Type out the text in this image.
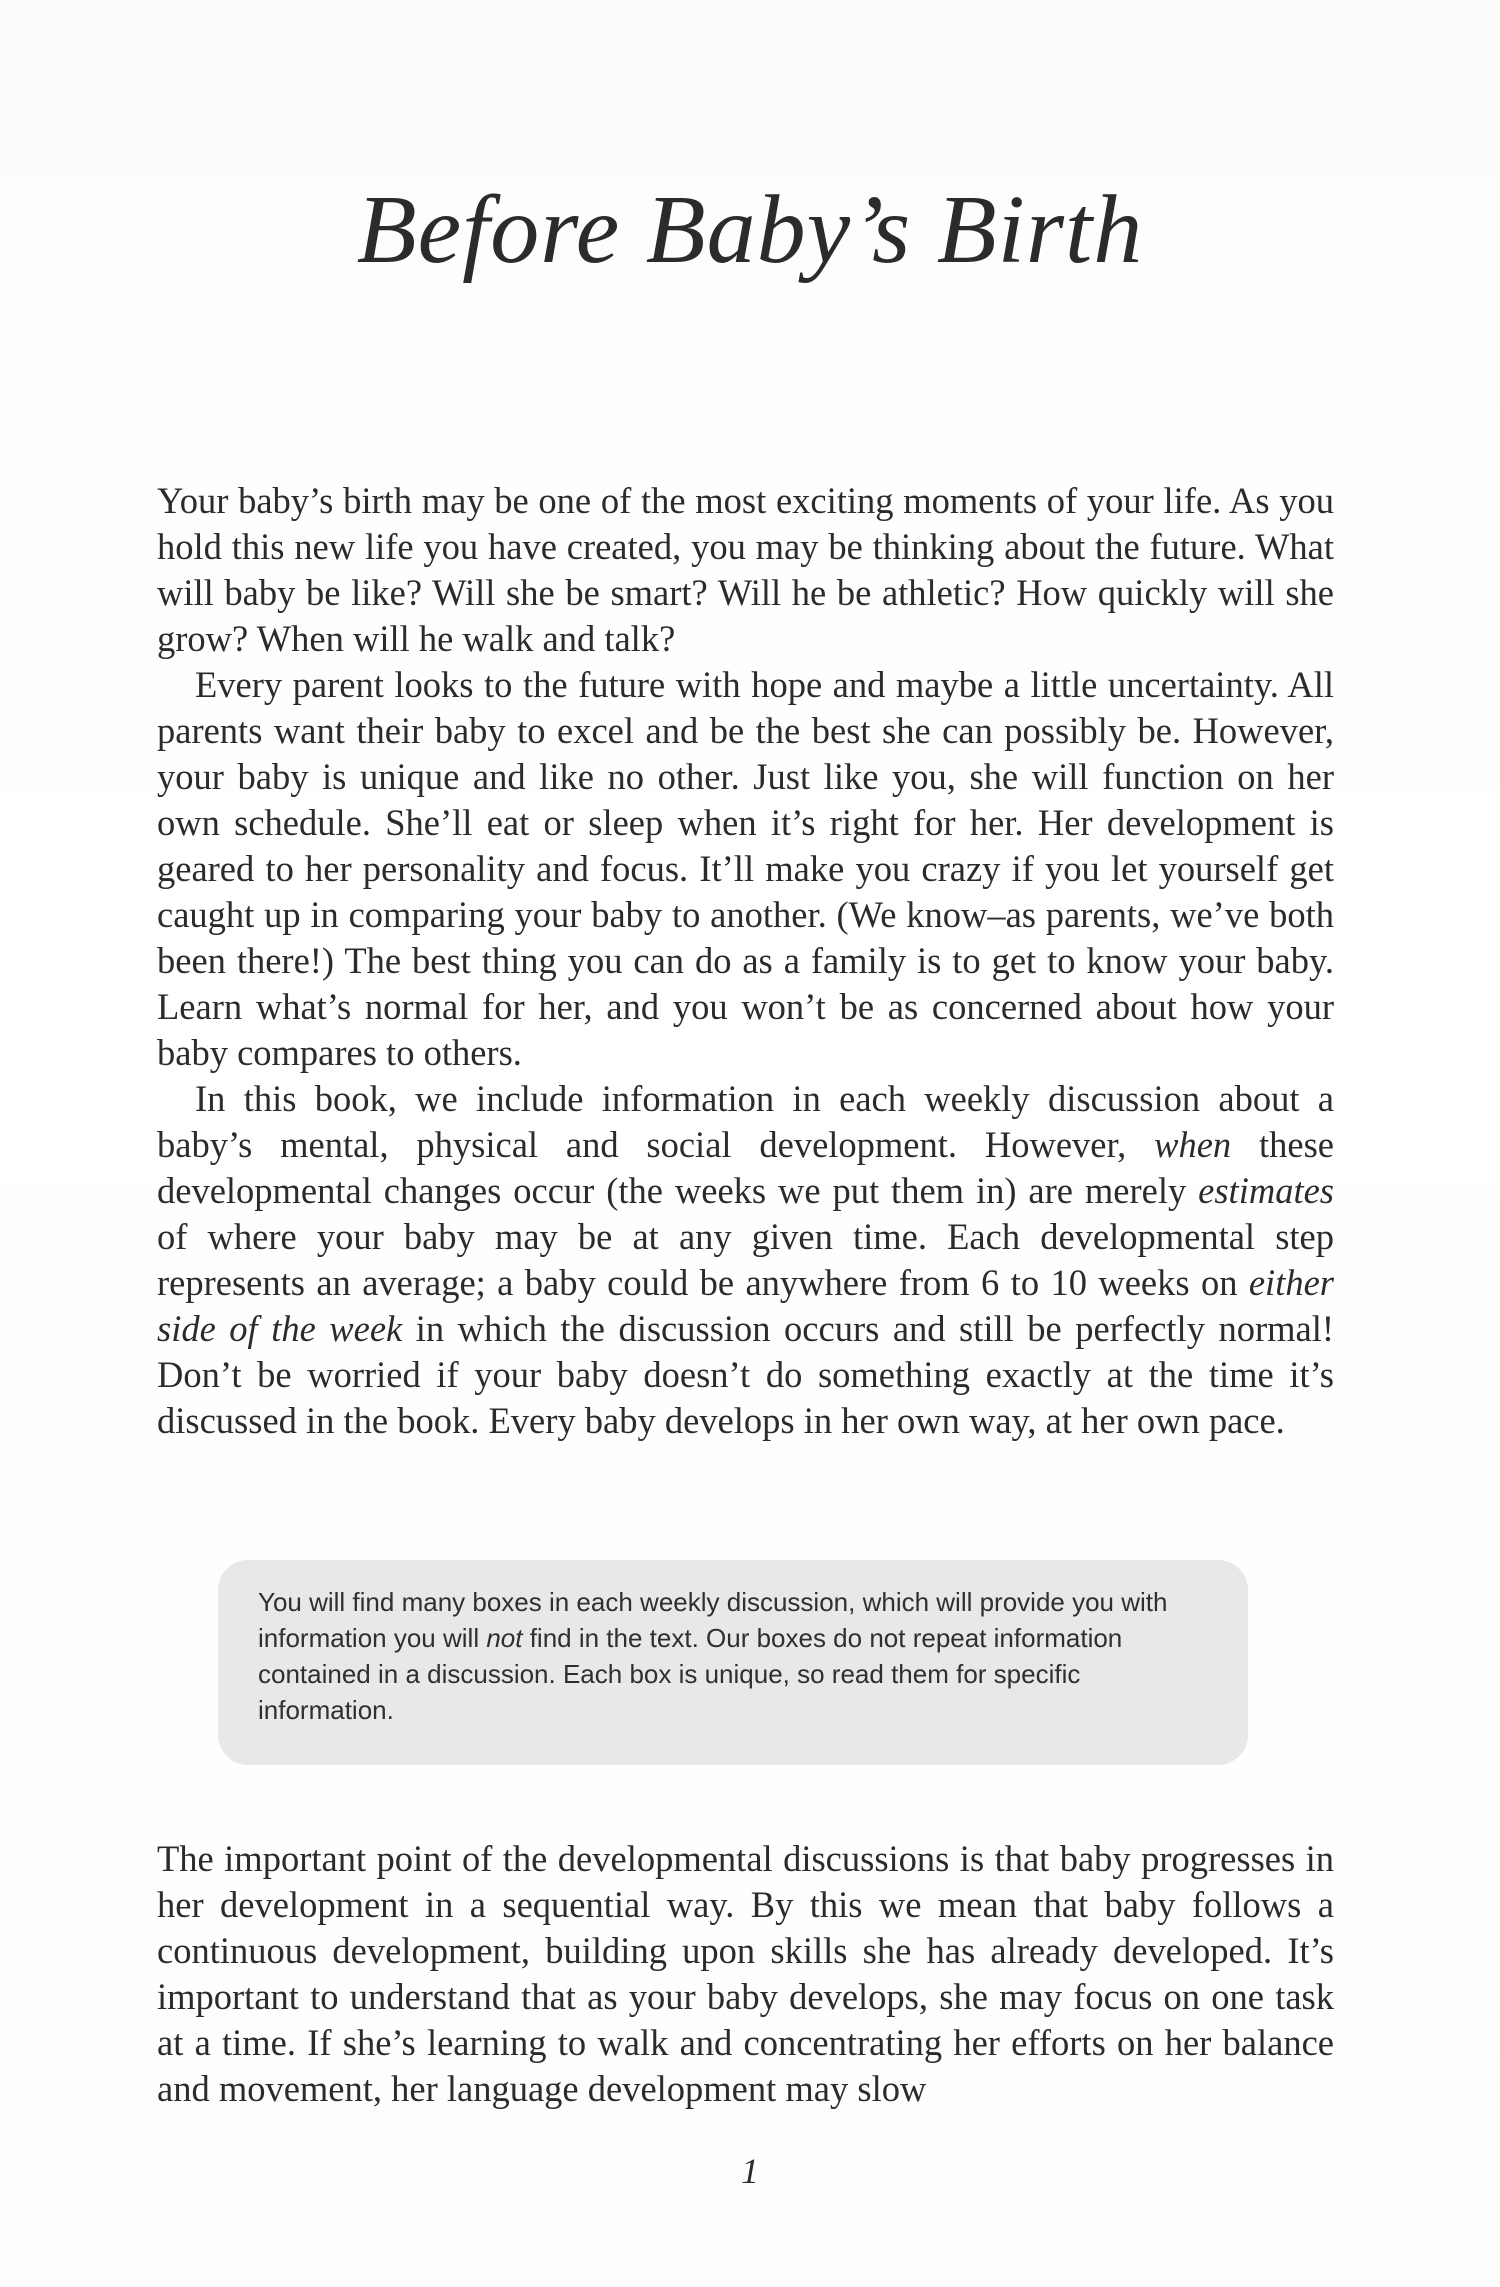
Before Baby’s Birth

Your baby’s birth may be one of the most exciting moments of your life. As you hold this new life you have created, you may be thinking about the future. What will baby be like? Will she be smart? Will he be athletic? How quickly will she grow? When will he walk and talk?

Every parent looks to the future with hope and maybe a little uncertainty. All parents want their baby to excel and be the best she can possibly be. However, your baby is unique and like no other. Just like you, she will function on her own schedule. She’ll eat or sleep when it’s right for her. Her development is geared to her personality and focus. It’ll make you crazy if you let yourself get caught up in comparing your baby to another. (We know–as parents, we’ve both been there!) The best thing you can do as a family is to get to know your baby. Learn what’s normal for her, and you won’t be as concerned about how your baby compares to others.

In this book, we include information in each weekly discussion about a baby’s mental, physical and social development. However, when these developmental changes occur (the weeks we put them in) are merely estimates of where your baby may be at any given time. Each developmental step represents an average; a baby could be anywhere from 6 to 10 weeks on either side of the week in which the discussion occurs and still be perfectly normal! Don’t be worried if your baby doesn’t do something exactly at the time it’s discussed in the book. Every baby develops in her own way, at her own pace.

You will find many boxes in each weekly discussion, which will provide you with information you will not find in the text. Our boxes do not repeat information contained in a discussion. Each box is unique, so read them for specific information.

The important point of the developmental discussions is that baby progresses in her development in a sequential way. By this we mean that baby follows a continuous development, building upon skills she has already developed. It’s important to understand that as your baby develops, she may focus on one task at a time. If she’s learning to walk and concentrating her efforts on her balance and movement, her language development may slow

1
